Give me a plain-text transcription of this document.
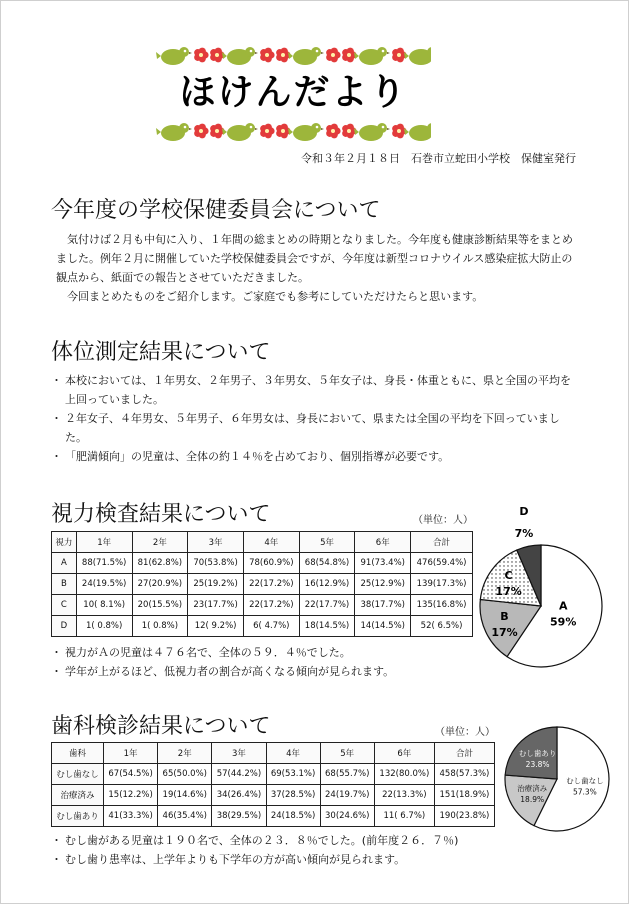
ほけんだより
令和３年２月１８日　石巻市立蛇田小学校　保健室発行
今年度の学校保健委員会について

気付けば２月も中旬に入り、１年間の総まとめの時期となりました。今年度も健康診断結果等をまとめました。例年２月に開催していた学校保健委員会ですが、今年度は新型コロナウイルス感染症拡大防止の観点から、紙面での報告とさせていただきました。

今回まとめたものをご紹介します。ご家庭でも参考にしていただけたらと思います。

体位測定結果について
・ 本校においては、１年男女、２年男子、３年男女、５年女子は、身長・体重ともに、県と全国の平均を上回っていました。
・ ２年女子、４年男女、５年男子、６年男女は、身長において、県または全国の平均を下回っていました。
・ 「肥満傾向」の児童は、全体の約１４％を占めており、個別指導が必要です。
視力検査結果について	（単位：人）
視力	1年	2年	3年	4年	5年	6年	合計
A	88(71.5%)	81(62.8%)	70(53.8%)	78(60.9%)	68(54.8%)	91(73.4%)	476(59.4%)
B	24(19.5%)	27(20.9%)	25(19.2%)	22(17.2%)	16(12.9%)	25(12.9%)	139(17.3%)
C	10( 8.1%)	20(15.5%)	23(17.7%)	22(17.2%)	22(17.7%)	38(17.7%)	135(16.8%)
D	1( 0.8%)	1( 0.8%)	12( 9.2%)	6( 4.7%)	18(14.5%)	14(14.5%)	52( 6.5%)
・ 視力がＡの児童は４７６名で、全体の５９．４％でした。
・ 学年が上がるほど、低視力者の割合が高くなる傾向が見られます。
A
59%
B
17%
C
17%
D
7%
歯科検診結果について	（単位：人）
歯科	1年	2年	3年	4年	5年	6年	合計
むし歯なし	67(54.5%)	65(50.0%)	57(44.2%)	69(53.1%)	68(55.7%)	132(80.0%)	458(57.3%)
治療済み	15(12.2%)	19(14.6%)	34(26.4%)	37(28.5%)	24(19.7%)	22(13.3%)	151(18.9%)
むし歯あり	41(33.3%)	46(35.4%)	38(29.5%)	24(18.5%)	30(24.6%)	11( 6.7%)	190(23.8%)
・ むし歯がある児童は１９０名で、全体の２３．８％でした。(前年度２６．７％)
・ むし歯り患率は、上学年よりも下学年の方が高い傾向が見られます。
むし歯なし
57.3%
治療済み
18.9%
むし歯あり
23.8%
